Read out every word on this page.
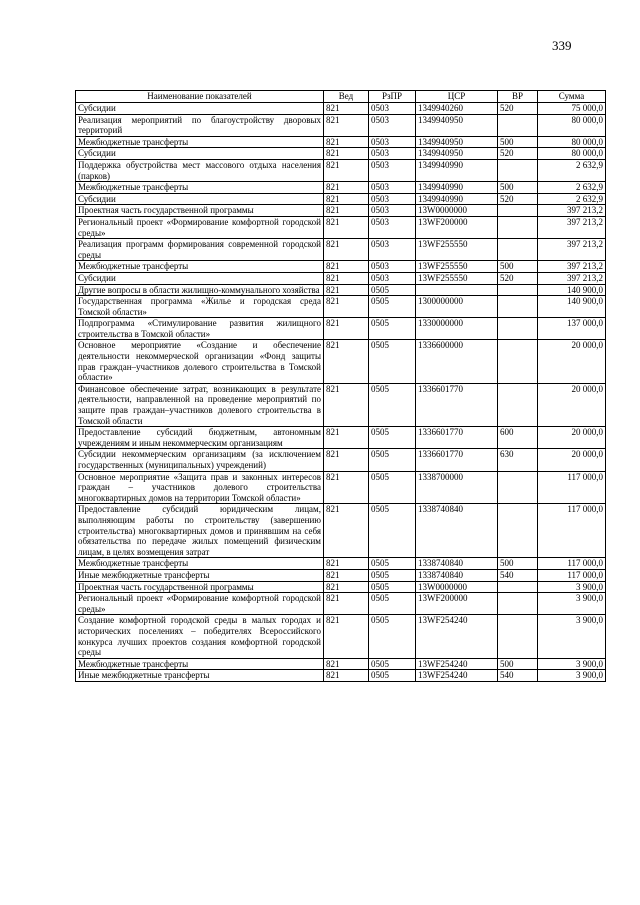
339
Наименование показателей	Вед	РзПР	ЦСР	ВР	Сумма

Субсидии	821	0503	1349940260	520	75 000,0

Реализация мероприятий по благоустройству дворовых территорий	821	0503	1349940950		80 000,0

Межбюджетные трансферты	821	0503	1349940950	500	80 000,0

Субсидии	821	0503	1349940950	520	80 000,0

Поддержка обустройства мест массового отдыха населения (парков)	821	0503	1349940990		2 632,9

Межбюджетные трансферты	821	0503	1349940990	500	2 632,9

Субсидии	821	0503	1349940990	520	2 632,9

Проектная часть государственной программы	821	0503	13W0000000		397 213,2

Региональный проект «Формирование комфортной городской среды»	821	0503	13WF200000		397 213,2

Реализация программ формирования современной городской среды	821	0503	13WF255550		397 213,2

Межбюджетные трансферты	821	0503	13WF255550	500	397 213,2

Субсидии	821	0503	13WF255550	520	397 213,2

Другие вопросы в области жилищно-коммунального хозяйства	821	0505			140 900,0

Государственная программа «Жилье и городская среда Томской области»	821	0505	1300000000		140 900,0

Подпрограмма «Стимулирование развития жилищного строительства в Томской области»	821	0505	1330000000		137 000,0

Основное мероприятие «Создание и обеспечение деятельности некоммерческой организации «Фонд защиты прав граждан–участников долевого строительства в Томской области»	821	0505	1336600000		20 000,0

Финансовое обеспечение затрат, возникающих в результате деятельности, направленной на проведение мероприятий по защите прав граждан–участников долевого строительства в Томской области	821	0505	1336601770		20 000,0

Предоставление субсидий бюджетным, автономным учреждениям и иным некоммерческим организациям	821	0505	1336601770	600	20 000,0

Субсидии некоммерческим организациям (за исключением государственных (муниципальных) учреждений)	821	0505	1336601770	630	20 000,0

Основное мероприятие «Защита прав и законных интересов граждан – участников долевого строительства многоквартирных домов на территории Томской области»	821	0505	1338700000		117 000,0

Предоставление субсидий юридическим лицам, выполняющим работы по строительству (завершению строительства) многоквартирных домов и принявшим на себя обязательства по передаче жилых помещений физическим лицам, в целях возмещения затрат	821	0505	1338740840		117 000,0

Межбюджетные трансферты	821	0505	1338740840	500	117 000,0

Иные межбюджетные трансферты	821	0505	1338740840	540	117 000,0

Проектная часть государственной программы	821	0505	13W0000000		3 900,0

Региональный проект «Формирование комфортной городской среды»	821	0505	13WF200000		3 900,0

Создание комфортной городской среды в малых городах и исторических поселениях – победителях Всероссийского конкурса лучших проектов создания комфортной городской среды	821	0505	13WF254240		3 900,0

Межбюджетные трансферты	821	0505	13WF254240	500	3 900,0

Иные межбюджетные трансферты	821	0505	13WF254240	540	3 900,0
